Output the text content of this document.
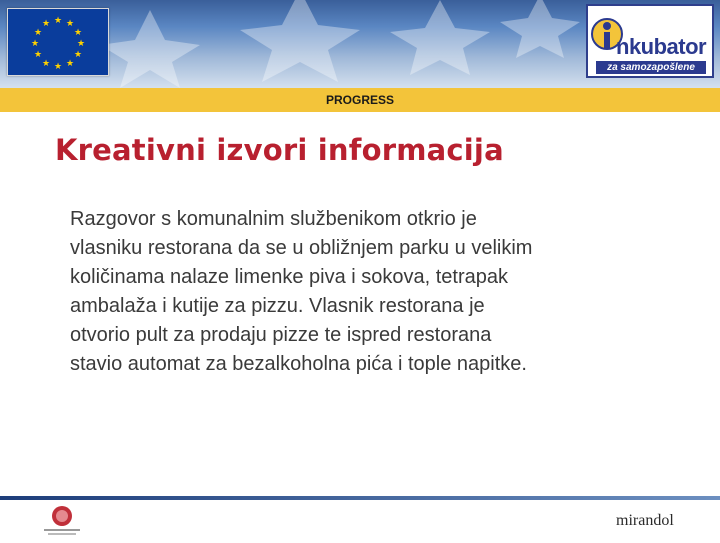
★ ★
★
★
★
★
★
★
★
★
★
★
nkubator
za samozapošlene
PROGRESS
Kreativni izvori informacija
Razgovor s komunalnim službenikom otkrio je
vlasniku restorana da se u obližnjem parku u velikim
količinama nalaze limenke piva i sokova, tetrapak
ambalaža i kutije za pizzu. Vlasnik restorana je
otvorio pult za prodaju pizze te ispred restorana
stavio automat za bezalkoholna pića i tople napitke.
mirandol
